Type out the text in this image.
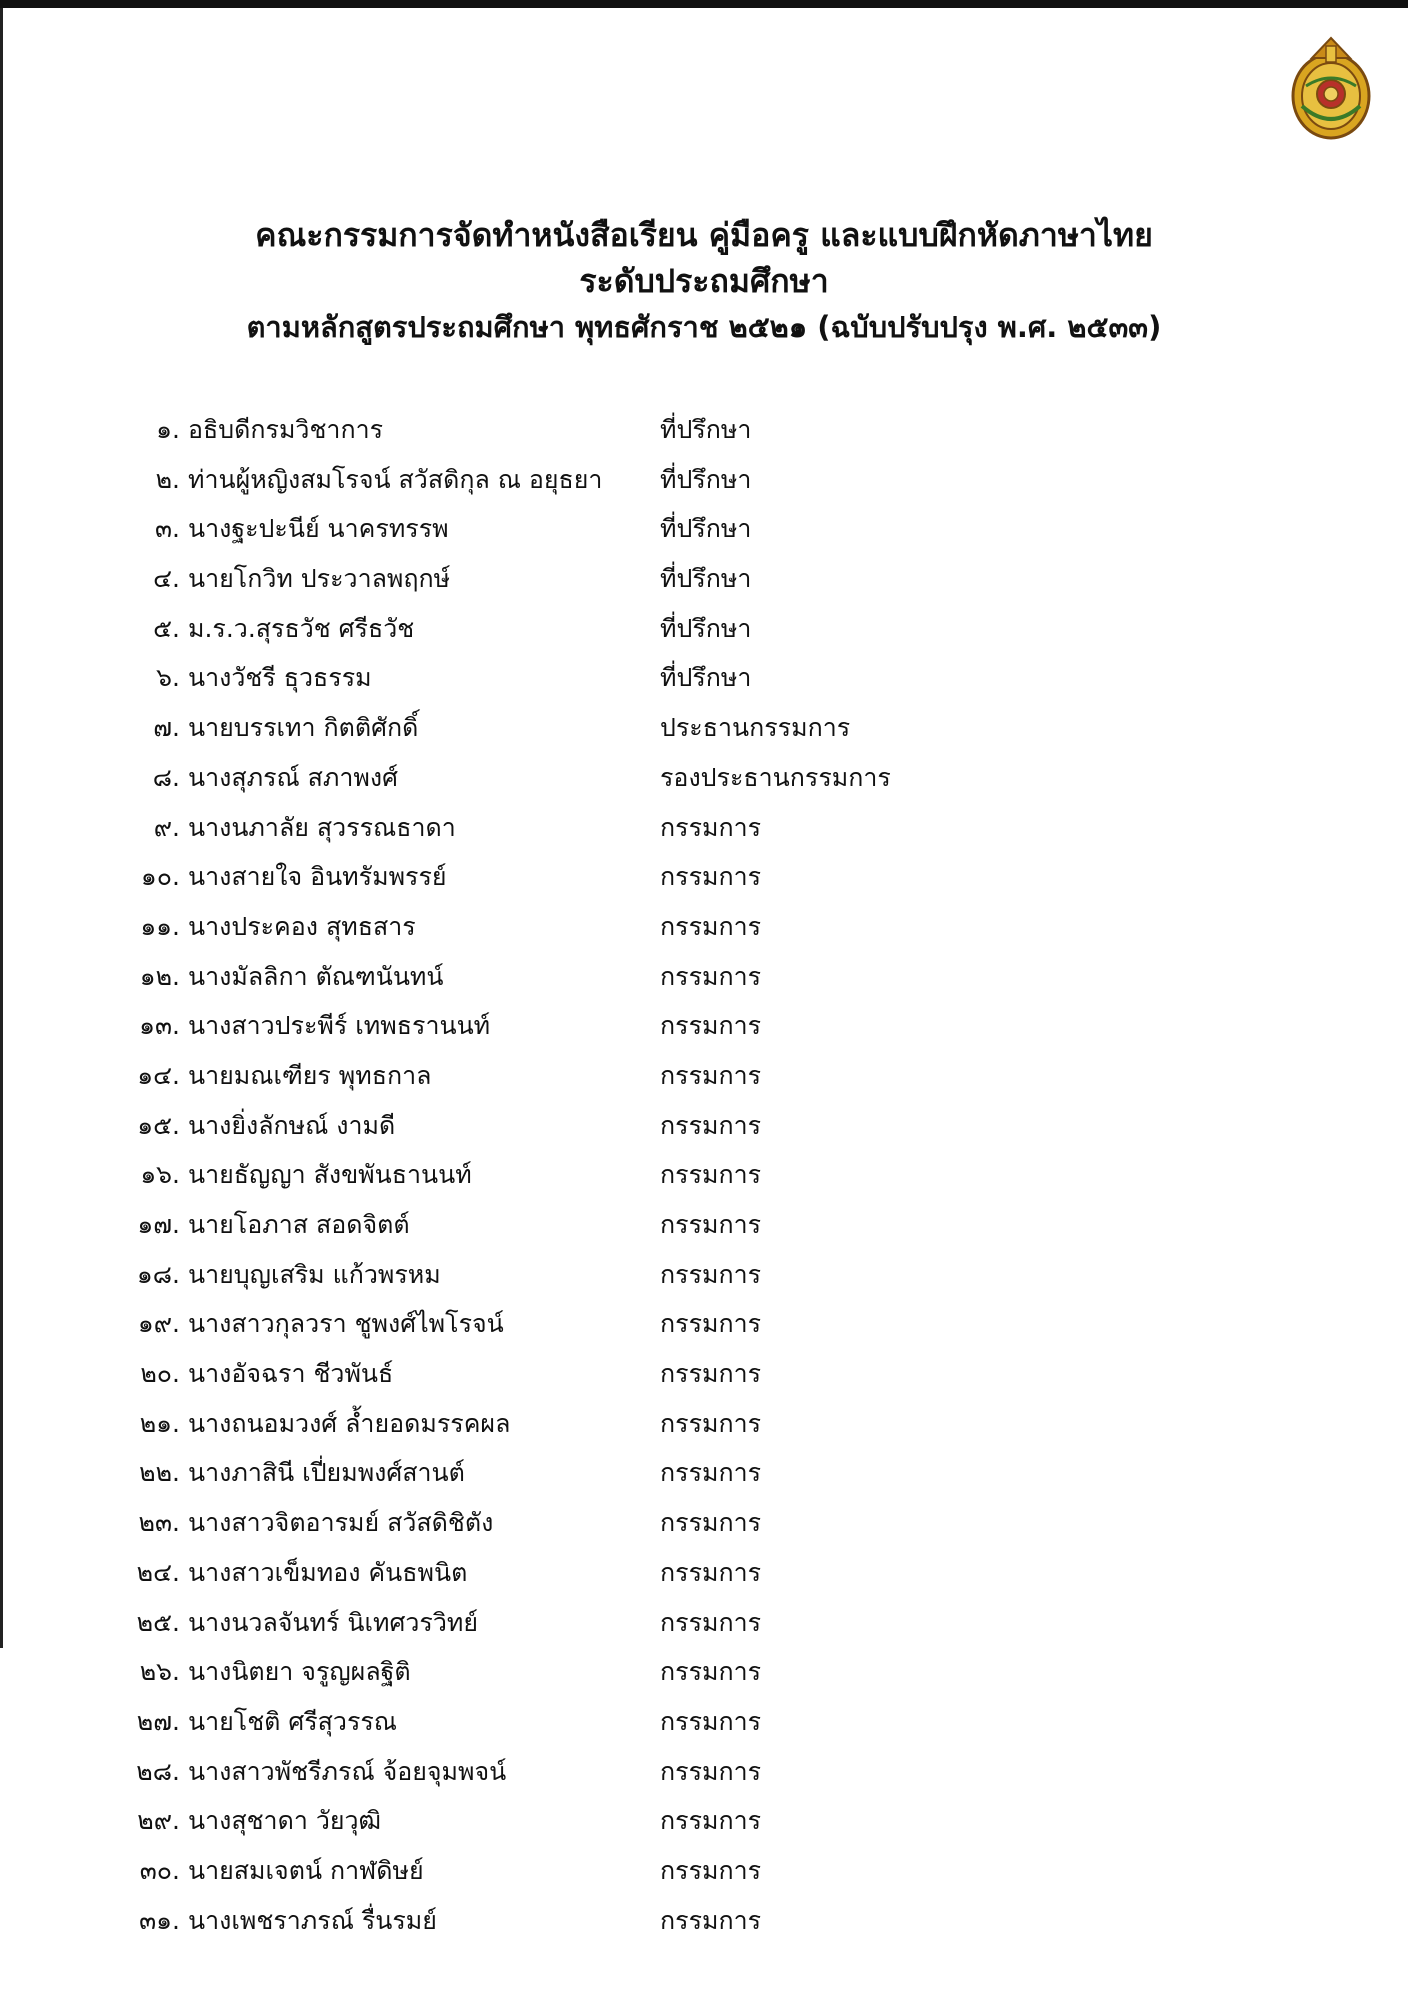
คณะกรรมการจัดทำหนังสือเรียน คู่มือครู และแบบฝึกหัดภาษาไทย
ระดับประถมศึกษา
ตามหลักสูตรประถมศึกษา พุทธศักราช ๒๕๒๑ (ฉบับปรับปรุง พ.ศ. ๒๕๓๓)
๑. อธิบดีกรมวิชาการ	ที่ปรึกษา
๒. ท่านผู้หญิงสมโรจน์ สวัสดิกุล ณ อยุธยา	ที่ปรึกษา
๓. นางฐะปะนีย์ นาครทรรพ	ที่ปรึกษา
๔. นายโกวิท ประวาลพฤกษ์	ที่ปรึกษา
๕. ม.ร.ว.สุรธวัช ศรีธวัช	ที่ปรึกษา
๖. นางวัชรี ธุวธรรม	ที่ปรึกษา
๗. นายบรรเทา กิตติศักดิ์	ประธานกรรมการ
๘. นางสุภรณ์ สภาพงศ์	รองประธานกรรมการ
๙. นางนภาลัย สุวรรณธาดา	กรรมการ
๑๐. นางสายใจ อินทรัมพรรย์	กรรมการ
๑๑. นางประคอง สุทธสาร	กรรมการ
๑๒. นางมัลลิกา ตัณฑนันทน์	กรรมการ
๑๓. นางสาวประพีร์ เทพธรานนท์	กรรมการ
๑๔. นายมณเฑียร พุทธกาล	กรรมการ
๑๕. นางยิ่งลักษณ์ งามดี	กรรมการ
๑๖. นายธัญญา สังขพันธานนท์	กรรมการ
๑๗. นายโอภาส สอดจิตต์	กรรมการ
๑๘. นายบุญเสริม แก้วพรหม	กรรมการ
๑๙. นางสาวกุลวรา ชูพงศ์ไพโรจน์	กรรมการ
๒๐. นางอัจฉรา ชีวพันธ์	กรรมการ
๒๑. นางถนอมวงศ์ ล้ำยอดมรรคผล	กรรมการ
๒๒. นางภาสินี เปี่ยมพงศ์สานต์	กรรมการ
๒๓. นางสาวจิตอารมย์ สวัสดิชิตัง	กรรมการ
๒๔. นางสาวเข็มทอง คันธพนิต	กรรมการ
๒๕. นางนวลจันทร์ นิเทศวรวิทย์	กรรมการ
๒๖. นางนิตยา จรูญผลฐิติ	กรรมการ
๒๗. นายโชติ ศรีสุวรรณ	กรรมการ
๒๘. นางสาวพัชรีภรณ์ จ้อยจุมพจน์	กรรมการ
๒๙. นางสุชาดา วัยวุฒิ	กรรมการ
๓๐. นายสมเจตน์ กาฬดิษย์	กรรมการ
๓๑. นางเพชราภรณ์ รื่นรมย์	กรรมการ
